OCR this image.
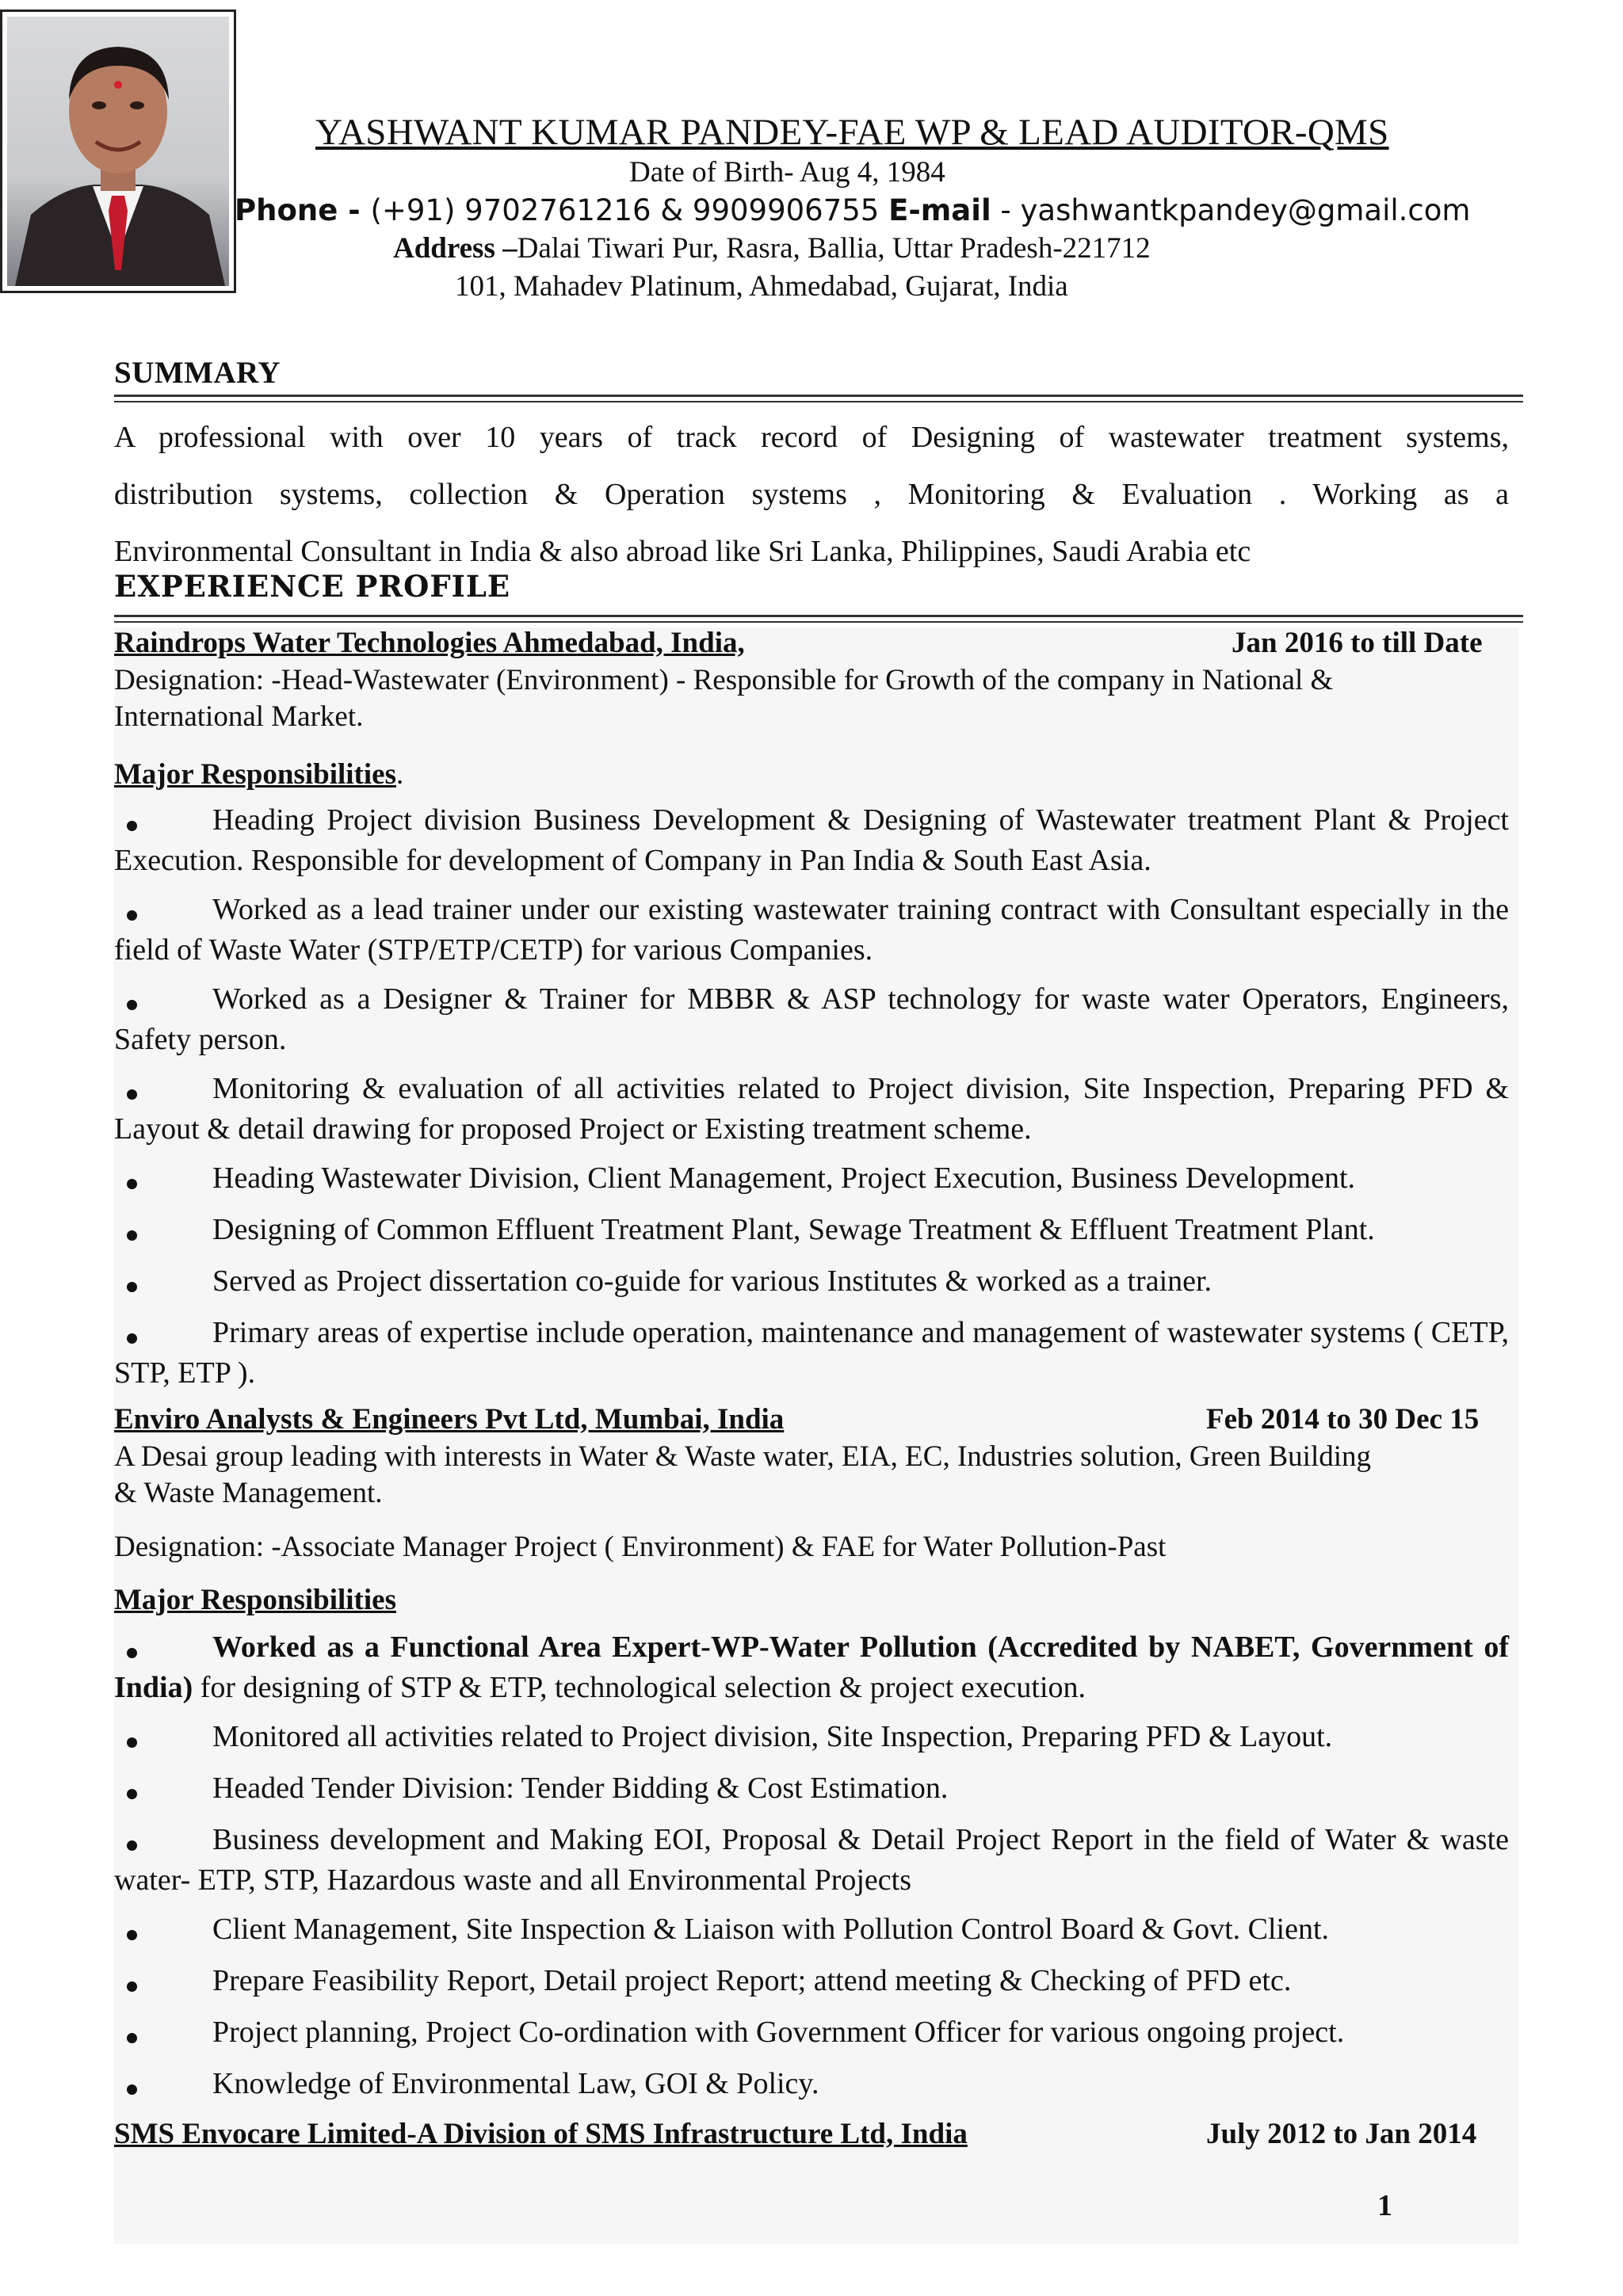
YASHWANT KUMAR PANDEY-FAE WP & LEAD AUDITOR-QMS
Date of Birth- Aug 4, 1984
Phone - (+91) 9702761216 & 9909906755 E-mail - yashwantkpandey@gmail.com
Address –Dalai Tiwari Pur, Rasra, Ballia, Uttar Pradesh-221712
101, Mahadev Platinum, Ahmedabad, Gujarat, India
SUMMARY
A professional with over 10 years of track record of Designing of wastewater treatment systems,
distribution systems, collection & Operation systems , Monitoring & Evaluation . Working as a
Environmental Consultant in India & also abroad like Sri Lanka, Philippines, Saudi Arabia etc
EXPERIENCE PROFILE
Raindrops Water Technologies Ahmedabad, India,	Jan 2016 to till Date
Designation: -Head-Wastewater (Environment) - Responsible for Growth of the company in National &
International Market.
Major Responsibilities.
Heading Project division Business Development & Designing of Wastewater treatment Plant & Project Execution. Responsible for development of Company in Pan India & South East Asia.
Worked as a lead trainer under our existing wastewater training contract with Consultant especially in the field of Waste Water (STP/ETP/CETP) for various Companies.
Worked as a Designer & Trainer for MBBR & ASP technology for waste water Operators, Engineers, Safety person.
Monitoring & evaluation of all activities related to Project division, Site Inspection, Preparing PFD & Layout & detail drawing for proposed Project or Existing treatment scheme.
Heading Wastewater Division, Client Management, Project Execution, Business Development.
Designing of Common Effluent Treatment Plant, Sewage Treatment & Effluent Treatment Plant.
Served as Project dissertation co-guide for various Institutes & worked as a trainer.
Primary areas of expertise include operation, maintenance and management of wastewater systems ( CETP, STP, ETP ).
Enviro Analysts & Engineers Pvt Ltd, Mumbai, India	Feb 2014 to 30 Dec 15
A Desai group leading with interests in Water & Waste water, EIA, EC, Industries solution, Green Building
& Waste Management.
Designation: -Associate Manager Project ( Environment) & FAE for Water Pollution-Past
Major Responsibilities
Worked as a Functional Area Expert-WP-Water Pollution (Accredited by NABET, Government of India) for designing of STP & ETP, technological selection & project execution.
Monitored all activities related to Project division, Site Inspection, Preparing PFD & Layout.
Headed Tender Division: Tender Bidding & Cost Estimation.
Business development and Making EOI, Proposal & Detail Project Report in the field of Water & waste water- ETP, STP, Hazardous waste and all Environmental Projects
Client Management, Site Inspection & Liaison with Pollution Control Board & Govt. Client.
Prepare Feasibility Report, Detail project Report; attend meeting & Checking of PFD etc.
Project planning, Project Co-ordination with Government Officer for various ongoing project.
Knowledge of Environmental Law, GOI & Policy.
SMS Envocare Limited-A Division of SMS Infrastructure Ltd, India	July 2012 to Jan 2014
1
